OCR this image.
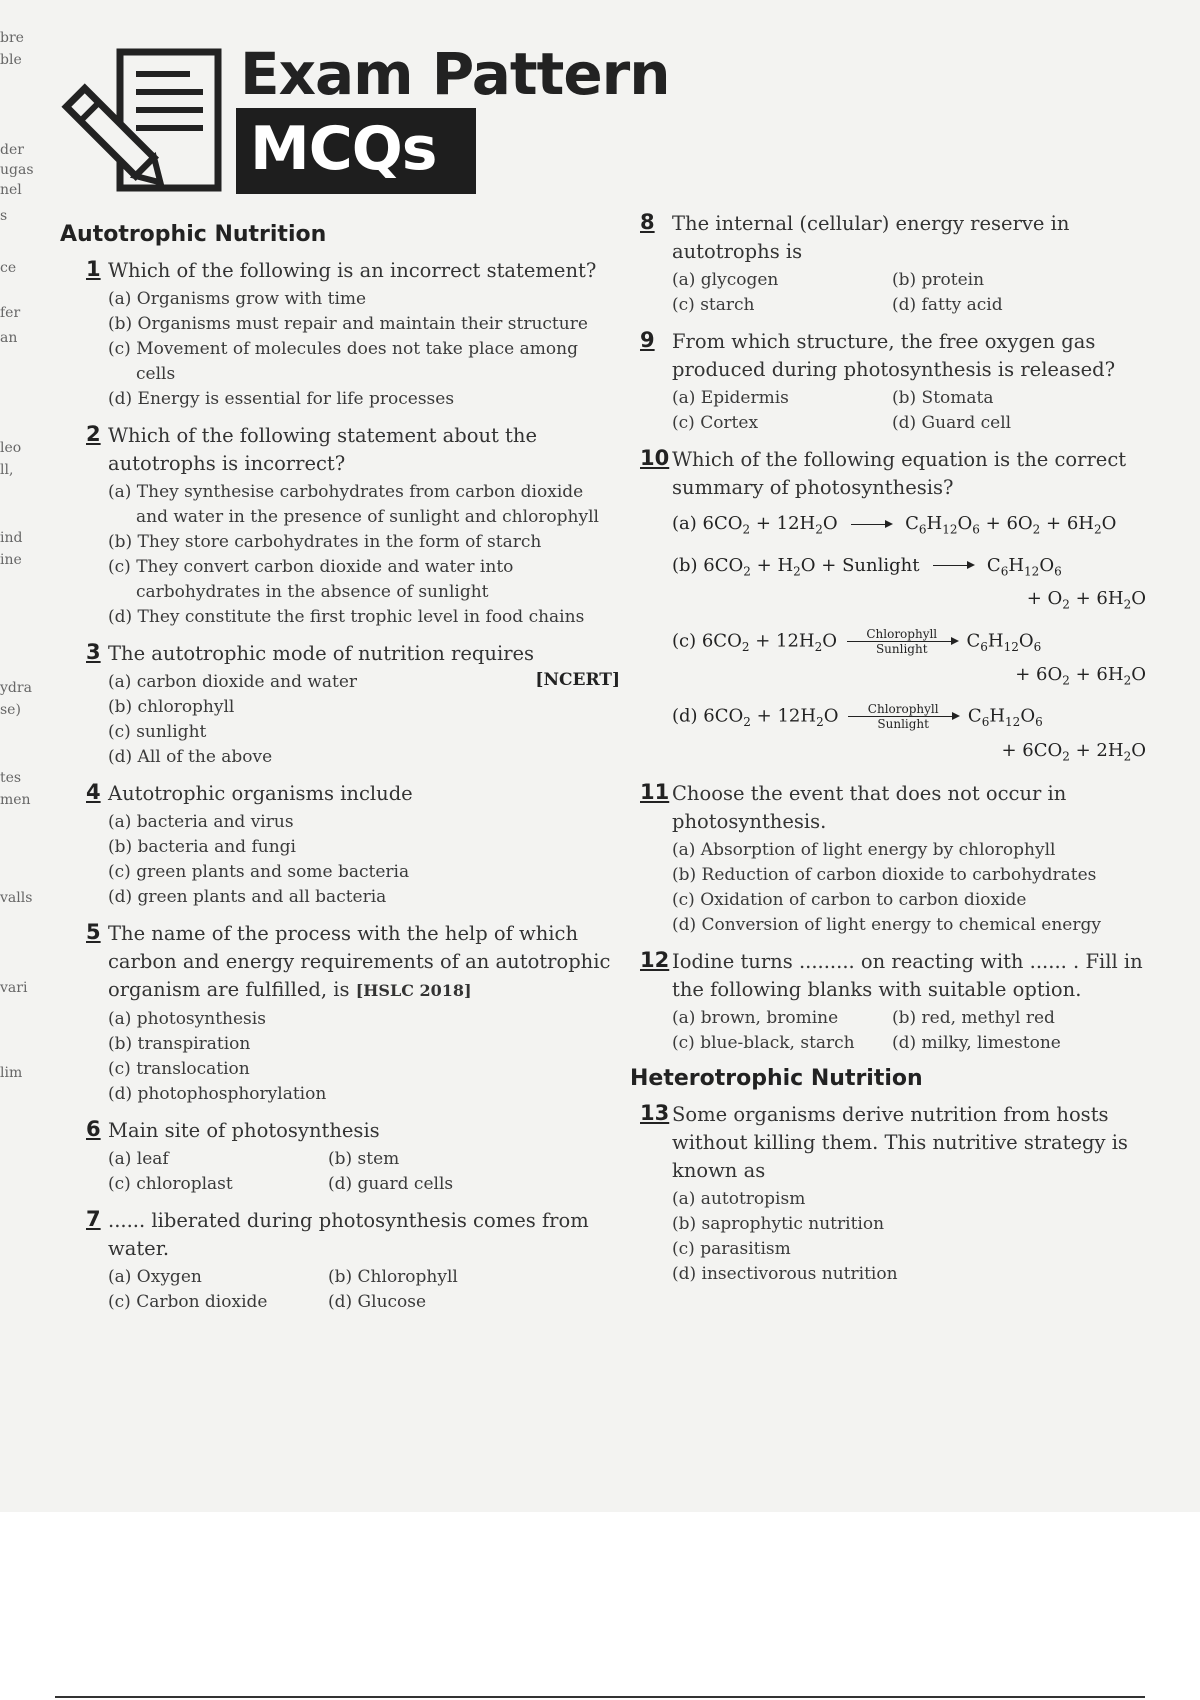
bre
ble
der
ugas
nel
s
ce
fer
an
leo
ll,
ind
ine
ydra
se)
tes
men
valls
vari
lim
Exam Pattern
MCQs
Autotrophic Nutrition
1 Which of the following is an incorrect statement?
(a) Organisms grow with time
(b) Organisms must repair and maintain their structure
(c) Movement of molecules does not take place among cells
(d) Energy is essential for life processes
2 Which of the following statement about the autotrophs is incorrect?
(a) They synthesise carbohydrates from carbon dioxide and water in the presence of sunlight and chlorophyll
(b) They store carbohydrates in the form of starch
(c) They convert carbon dioxide and water into carbohydrates in the absence of sunlight
(d) They constitute the first trophic level in food chains
3 The autotrophic mode of nutrition requires
[NCERT]
(a) carbon dioxide and water
(b) chlorophyll
(c) sunlight
(d) All of the above
4 Autotrophic organisms include
(a) bacteria and virus
(b) bacteria and fungi
(c) green plants and some bacteria
(d) green plants and all bacteria
5 The name of the process with the help of which carbon and energy requirements of an autotrophic organism are fulfilled, is [HSLC 2018]
(a) photosynthesis
(b) transpiration
(c) translocation
(d) photophosphorylation
6 Main site of photosynthesis
(a) leaf	(b) stem
(c) chloroplast	(d) guard cells
7 ...... liberated during photosynthesis comes from water.
(a) Oxygen	(b) Chlorophyll
(c) Carbon dioxide	(d) Glucose
8 The internal (cellular) energy reserve in autotrophs is
(a) glycogen	(b) protein
(c) starch	(d) fatty acid
9 From which structure, the free oxygen gas produced during photosynthesis is released?
(a) Epidermis	(b) Stomata
(c) Cortex	(d) Guard cell
10 Which of the following equation is the correct summary of photosynthesis?
(a) $6CO_2 + 12H_2O$	$C_6H_{12}O_6 + 6O_2 + 6H_2O$
(b) $6CO_2 + H_2O$ + Sunlight	$C_6H_{12}O_6$
+ $O_2 + 6H_2O$
(c) $6CO_2 + 12H_2O$	Chlorophyll
Sunlight	$C_6H_{12}O_6$
+ $6O_2 + 6H_2O$
(d) $6CO_2 + 12H_2O$	Chlorophyll
Sunlight	$C_6H_{12}O_6$
+ $6CO_2 + 2H_2O$
11 Choose the event that does not occur in photosynthesis.
(a) Absorption of light energy by chlorophyll
(b) Reduction of carbon dioxide to carbohydrates
(c) Oxidation of carbon to carbon dioxide
(d) Conversion of light energy to chemical energy
12 Iodine turns ......... on reacting with ...... . Fill in the following blanks with suitable option.
(a) brown, bromine	(b) red, methyl red
(c) blue-black, starch	(d) milky, limestone
Heterotrophic Nutrition
13 Some organisms derive nutrition from hosts without killing them. This nutritive strategy is known as
(a) autotropism
(b) saprophytic nutrition
(c) parasitism
(d) insectivorous nutrition
